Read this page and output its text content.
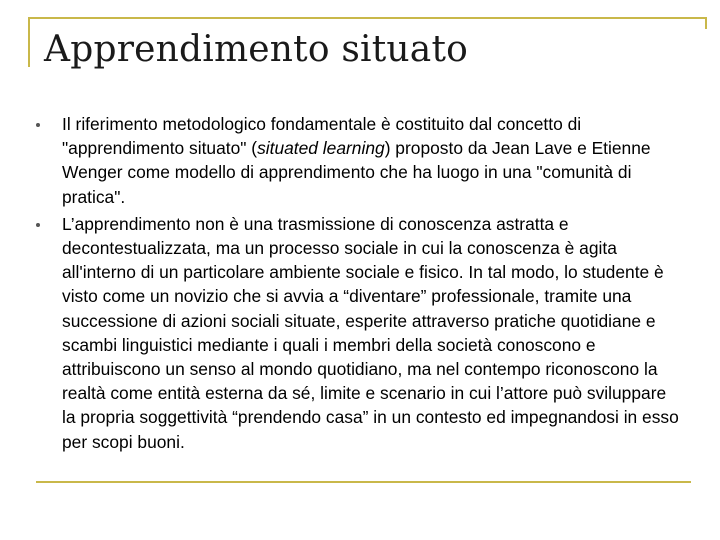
Apprendimento situato
Il riferimento metodologico fondamentale è costituito dal concetto di "apprendimento situato" (situated learning) proposto da Jean Lave e Etienne Wenger come modello di apprendimento che ha luogo in una "comunità di pratica".
L’apprendimento non è una trasmissione di conoscenza astratta e decontestualizzata, ma un processo sociale in cui la conoscenza è agita all'interno di un particolare ambiente sociale e fisico. In tal modo, lo studente è visto come un novizio che si avvia a “diventare” professionale, tramite una successione di azioni sociali situate, esperite attraverso pratiche quotidiane e scambi linguistici mediante i quali i membri della società conoscono e attribuiscono un senso al mondo quotidiano, ma nel contempo riconoscono la realtà come entità esterna da sé, limite e scenario in cui l’attore può sviluppare la propria soggettività “prendendo casa” in un contesto ed impegnandosi in esso per scopi buoni.
